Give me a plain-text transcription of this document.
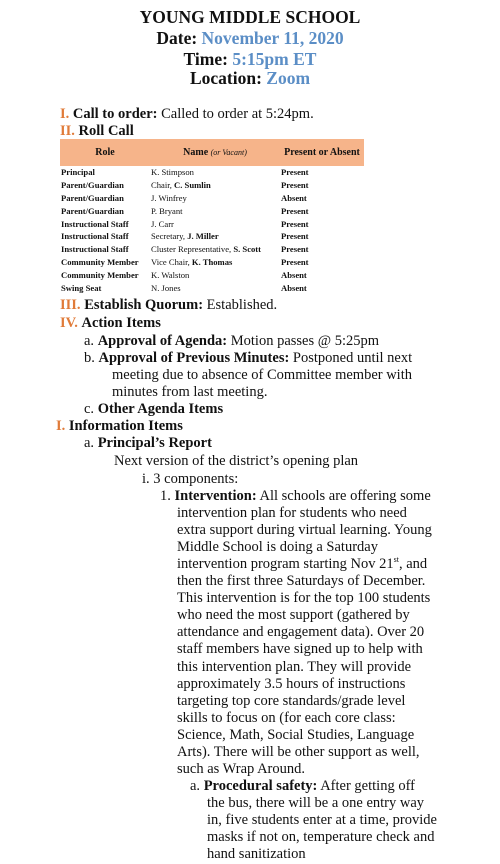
YOUNG MIDDLE SCHOOL
Date: November 11, 2020
Time: 5:15pm ET
Location: Zoom
I. Call to order: Called to order at 5:24pm.
II. Roll Call
Role	Name (or Vacant)	Present or Absent
Principal	K. Stimpson	Present
Parent/Guardian	Chair, C. Sumlin	Present
Parent/Guardian	J. Winfrey	Absent
Parent/Guardian	P. Bryant	Present
Instructional Staff	J. Carr	Present
Instructional Staff	Secretary, J. Miller	Present
Instructional Staff	Cluster Representative, S. Scott	Present
Community Member	Vice Chair, K. Thomas	Present
Community Member	K. Walston	Absent
Swing Seat	N. Jones	Absent
III. Establish Quorum: Established.
IV. Action Items
a. Approval of Agenda: Motion passes @ 5:25pm
b. Approval of Previous Minutes: Postponed until next
meeting due to absence of Committee member with
minutes from last meeting.
c. Other Agenda Items
I. Information Items
a. Principal’s Report
Next version of the district’s opening plan
i. 3 components:
1. Intervention: All schools are offering some
intervention plan for students who need
extra support during virtual learning. Young
Middle School is doing a Saturday
intervention program starting Nov 21st, and
then the first three Saturdays of December.
This intervention is for the top 100 students
who need the most support (gathered by
attendance and engagement data). Over 20
staff members have signed up to help with
this intervention plan. They will provide
approximately 3.5 hours of instructions
targeting top core standards/grade level
skills to focus on (for each core class:
Science, Math, Social Studies, Language
Arts). There will be other support as well,
such as Wrap Around.
a. Procedural safety: After getting off
the bus, there will be a one entry way
in, five students enter at a time, provide
masks if not on, temperature check and
hand sanitization
